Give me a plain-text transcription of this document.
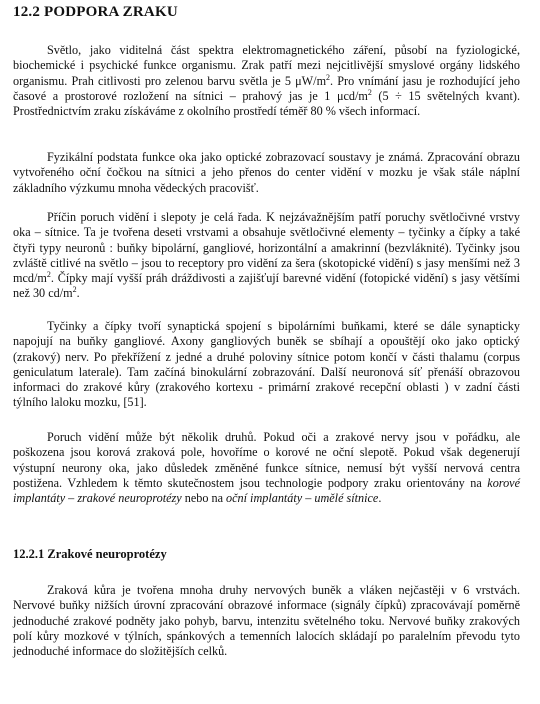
12.2 PODPORA ZRAKU

Světlo, jako viditelná část spektra elektromagnetického záření, působí na fyziologické, biochemické i psychické funkce organismu. Zrak patří mezi nejcitlivější smyslové orgány lidského organismu. Prah citlivosti pro zelenou barvu světla je 5 $\mu W/m^2$. Pro vnímání jasu je rozhodující jeho časové a prostorové rozložení na sítnici – prahový jas je 1 μcd/$m^2$ (5 ÷ 15 světelných kvant). Prostřednictvím zraku získáváme z okolního prostředí téměř 80 % všech informací.

Fyzikální podstata funkce oka jako optické zobrazovací soustavy je známá. Zpracování obrazu vytvořeného oční čočkou na sítnici a jeho přenos do center vidění v mozku je však stále náplní základního výzkumu mnoha vědeckých pracovišť.

Příčin poruch vidění i slepoty je celá řada. K nejzávažnějším patří poruchy světločivné vrstvy oka – sítnice. Ta je tvořena deseti vrstvami a obsahuje světločivné elementy – tyčinky a čípky a také čtyři typy neuronů : buňky bipolární, gangliové, horizontální a amakrinní (bezvláknité). Tyčinky jsou zvláště citlivé na světlo – jsou to receptory pro vidění za šera (skotopické vidění) s jasy menšími než 3 mcd/$m^2$. Čípky mají vyšší práh dráždivosti a zajišťují barevné vidění (fotopické vidění) s jasy většími než 30 $cd/m^2$.

Tyčinky a čípky tvoří synaptická spojení s bipolárními buňkami, které se dále synapticky napojují na buňky gangliové. Axony gangliových buněk se sbíhají a opouštějí oko jako optický (zrakový) nerv. Po překřížení z jedné a druhé poloviny sítnice potom končí v části thalamu (corpus geniculatum laterale). Tam začíná binokulární zobrazování. Další neuronová síť přenáší obrazovou informaci do zrakové kůry (zrakového kortexu - primární zrakové recepční oblasti ) v zadní části týlního laloku mozku, [51].

Poruch vidění může být několik druhů. Pokud oči a zrakové nervy jsou v pořádku, ale poškozena jsou korová zraková pole, hovoříme o korové ne oční slepotě. Pokud však degenerují výstupní neurony oka, jako důsledek změněné funkce sítnice, nemusí být vyšší nervová centra postižena. Vzhledem k těmto skutečnostem jsou technologie podpory zraku orientovány na korové implantáty – zrakové neuroprotézy nebo na oční implantáty – umělé sítnice.

12.2.1 Zrakové neuroprotézy

Zraková kůra je tvořena mnoha druhy nervových buněk a vláken nejčastěji v 6 vrstvách. Nervové buňky nižších úrovní zpracování obrazové informace (signály čípků) zpracovávají poměrně jednoduché zrakové podněty jako pohyb, barvu, intenzitu světelného toku. Nervové buňky zrakových polí kůry mozkové v týlních, spánkových a temenních lalocích skládají po paralelním převodu tyto jednoduché informace do složitějších celků.
